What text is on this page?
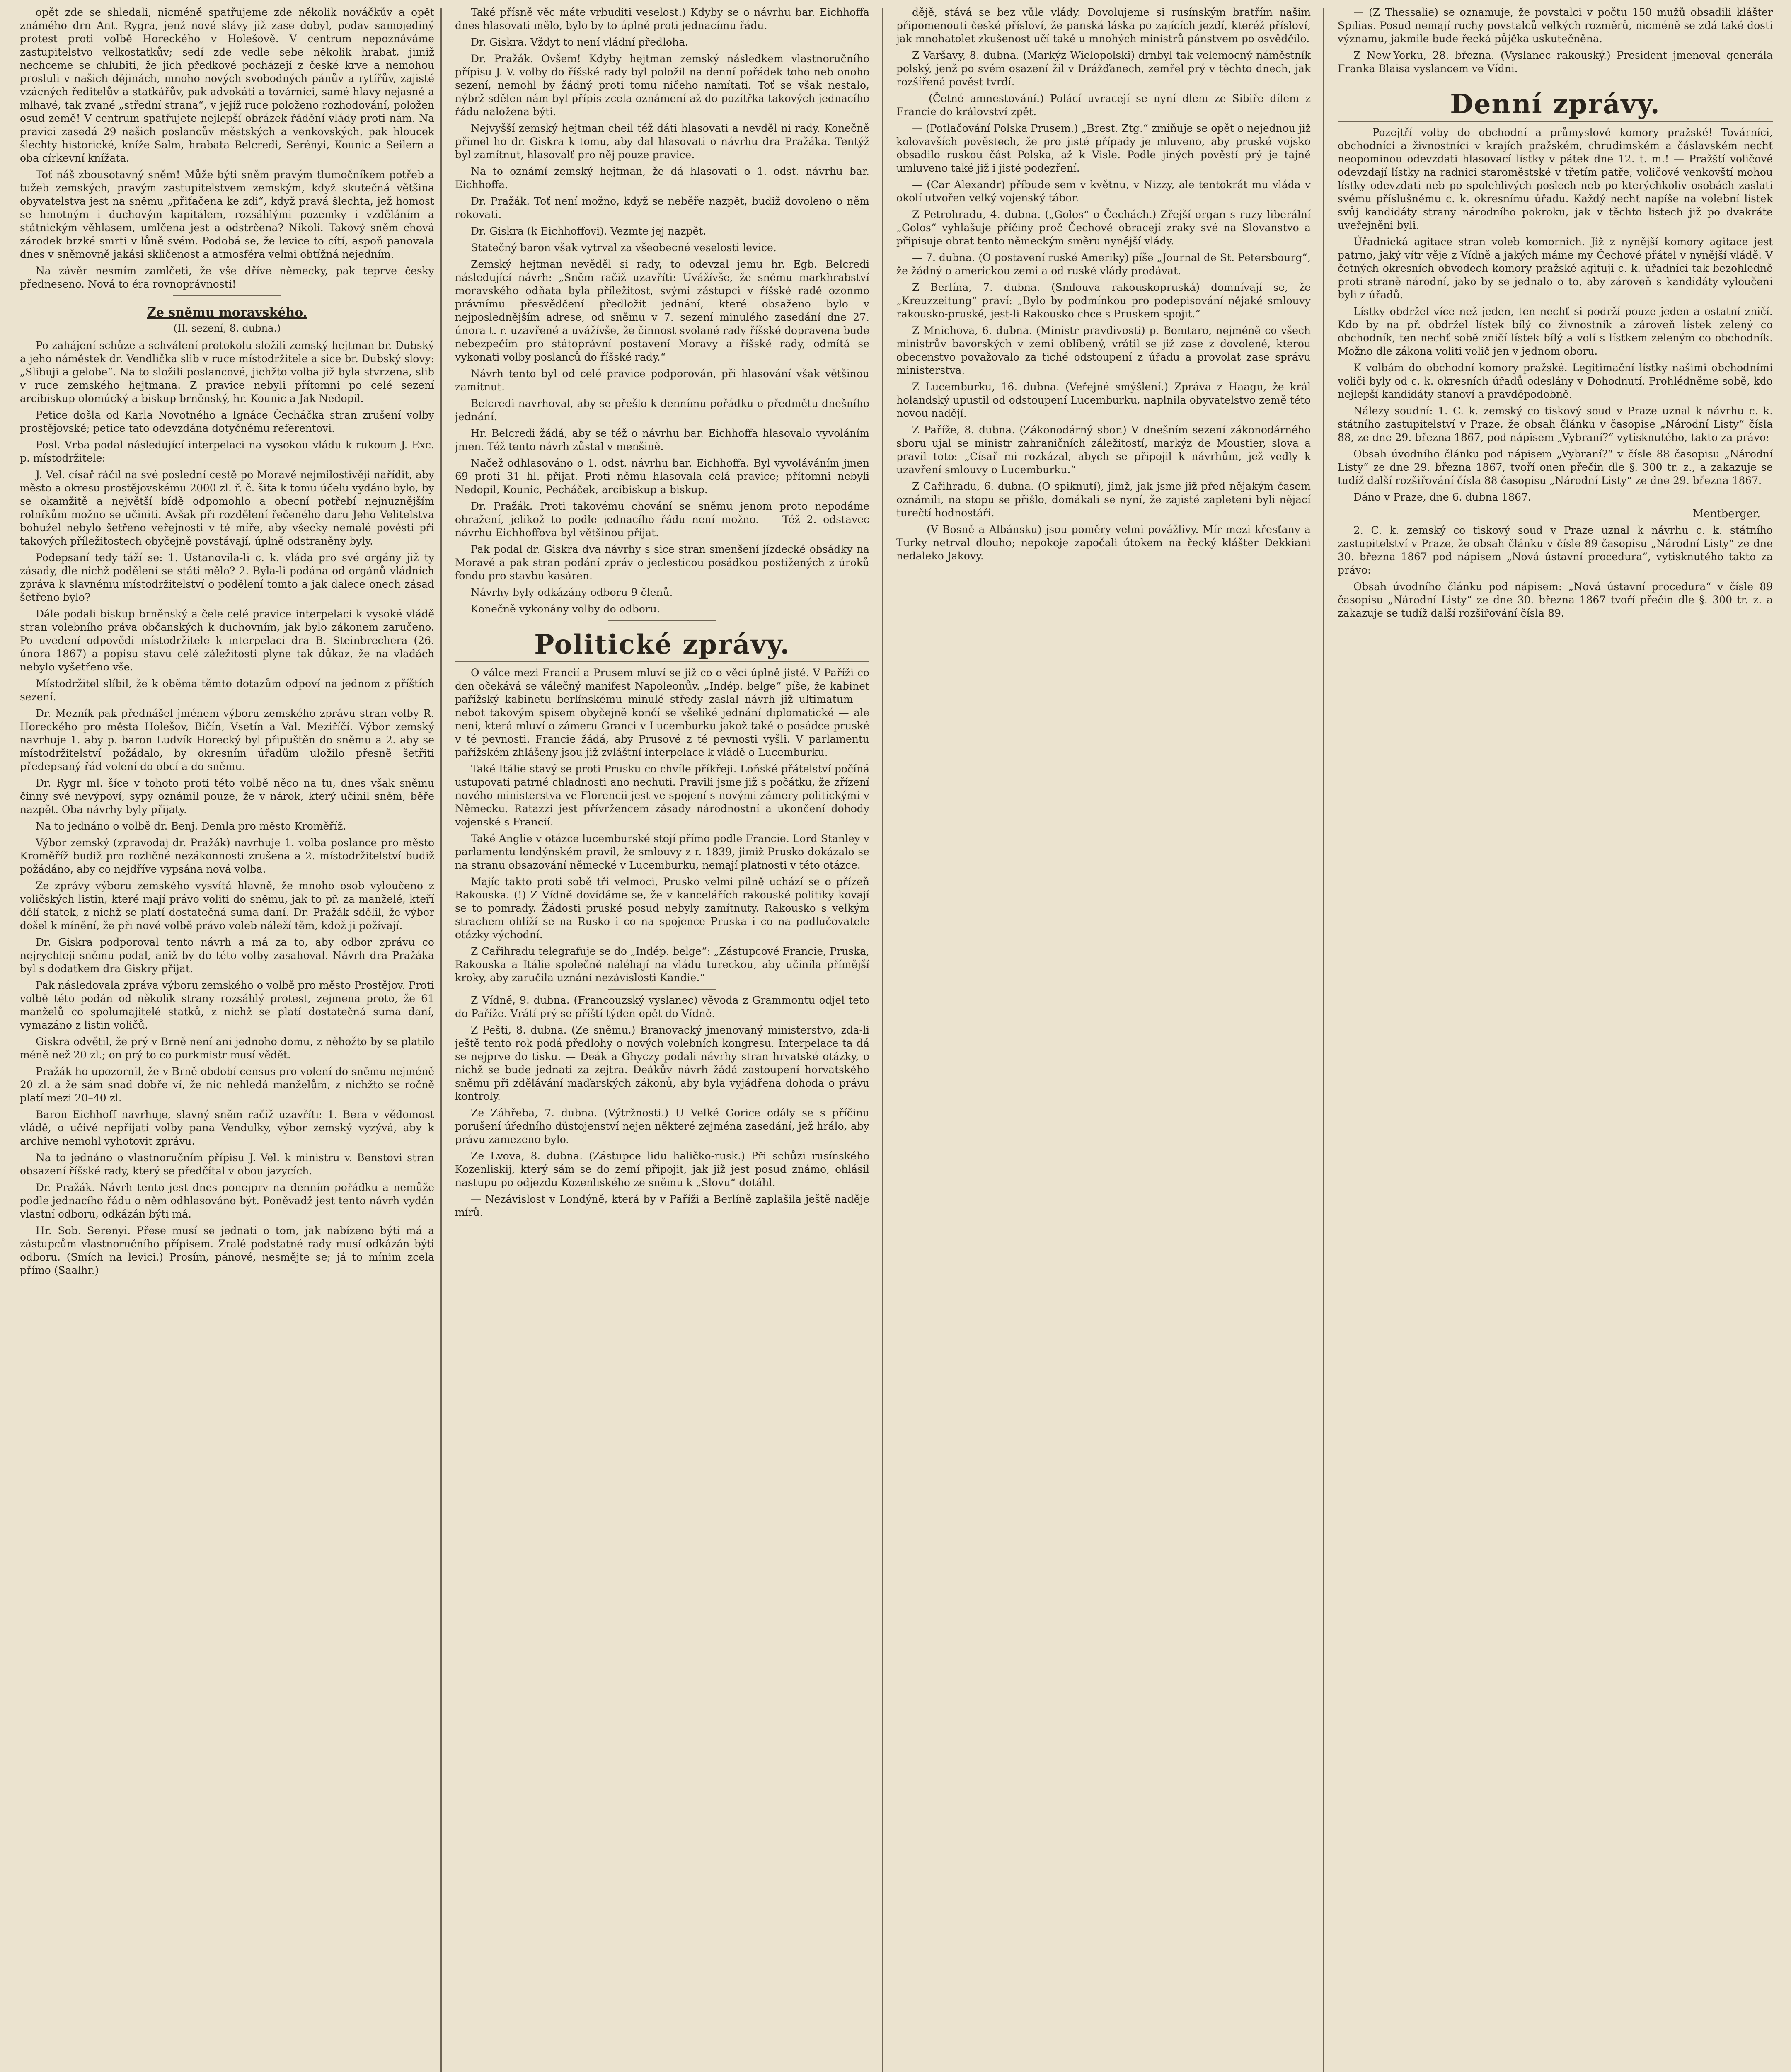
opět zde se shledali, nicméně spatřujeme zde několik nováčkův a opět známého drn Ant. Rygra, jenž nové slávy již zase dobyl, podav samojediný protest proti volbě Horeckého v Holešově. V centrum nepoznáváme zastupitelstvo velkostatkův; sedí zde vedle sebe několik hrabat, jimiž nechceme se chlubiti, že jich předkové pocházejí z české krve a nemohou prosluli v našich dějinách, mnoho nových svobodných pánův a rytířův, zajisté vzácných ředitelův a statkářův, pak advokáti a továrníci, samé hlavy nejasné a mlhavé, tak zvané „střední strana“, v jejíž ruce položeno rozhodování, položen osud země! V centrum spatřujete nejlepší obrázek řádění vlády proti nám. Na pravici zasedá 29 našich poslancův městských a venkovských, pak hloucek šlechty historické, kníže Salm, hrabata Belcredi, Serényi, Kounic a Seilern a oba církevní knížata.

Toť náš zbousotavný sněm! Může býti sněm pravým tlumočníkem potřeb a tužeb zemských, pravým zastupitelstvem zemským, když skutečná většina obyvatelstva jest na sněmu „přiťačena ke zdi“, když pravá šlechta, jež homost se hmotným i duchovým kapitálem, rozsáhlými pozemky i vzděláním a státnickým věhlasem, umlčena jest a odstrčena? Nikoli. Takový sněm chová zárodek brzké smrti v lůně svém. Podobá se, že levice to cítí, aspoň panovala dnes v sněmovně jakási skličenost a atmosféra velmi obtížná nejedním.

Na závěr nesmím zamlčeti, že vše dříve německy, pak teprve česky předneseno. Nová to éra rovnoprávnosti!

Ze sněmu moravského.
(II. sezení, 8. dubna.)

Po zahájení schůze a schválení protokolu složili zemský hejtman br. Dubský a jeho náměstek dr. Vendlička slib v ruce místodržitele a sice br. Dubský slovy: „Slibuji a gelobe“. Na to složili poslancové, jichžto volba již byla stvrzena, slib v ruce zemského hejtmana. Z pravice nebyli přítomni po celé sezení arcibiskup olomúcký a biskup brněnský, hr. Kounic a Jak Nedopil.

Petice došla od Karla Novotného a Ignáce Čecháčka stran zrušení volby prostějovské; petice tato odevzdána dotyčnému referentovi.

Posl. Vrba podal následující interpelaci na vysokou vládu k rukoum J. Exc. p. místodržitele:

J. Vel. císař ráčil na své poslední cestě po Moravě nejmilostivěji nařídit, aby město a okresu prostějovskému 2000 zl. ř. č. šita k tomu účelu vydáno bylo, by se okamžitě a největší bídě odpomohlo a obecní potřebí nejnuznějším rolníkům možno se učiniti. Avšak při rozdělení řečeného daru Jeho Velitelstva bohužel nebylo šetřeno veřejnosti v té míře, aby všecky nemalé povésti při takových příležitostech obyčejně povstávají, úplně odstraněny byly.

Podepsaní tedy táží se: 1. Ustanovila-li c. k. vláda pro své orgány již ty zásady, dle nichž podělení se státi mělo? 2. Byla-li podána od orgánů vládních zpráva k slavnému místodržitelství o podělení tomto a jak dalece onech zásad šetřeno bylo?

Dále podali biskup brněnský a čele celé pravice interpelaci k vysoké vládě stran volebního práva občanských k duchovním, jak bylo zákonem zaručeno. Po uvedení odpovědi místodržitele k interpelaci dra B. Steinbrechera (26. února 1867) a popisu stavu celé záležitosti plyne tak důkaz, že na vladách nebylo vyšetřeno vše.

Místodržitel slíbil, že k oběma těmto dotazům odpoví na jednom z příštích sezení.

Dr. Mezník pak přednášel jménem výboru zemského zprávu stran volby R. Horeckého pro města Holešov, Bičín, Vsetín a Val. Meziříčí. Výbor zemský navrhuje 1. aby p. baron Ludvík Horecký byl připuštěn do sněmu a 2. aby se místodržitelství požádalo, by okresním úřadům uložilo přesně šetřiti předepsaný řád volení do obcí a do sněmu.

Dr. Rygr ml. šíce v tohoto proti této volbě něco na tu, dnes však sněmu činny své nevýpoví, sypy oznámil pouze, že v nárok, který učinil sněm, běře nazpět. Oba návrhy byly přijaty.

Na to jednáno o volbě dr. Benj. Demla pro město Kroměříž.

Výbor zemský (zpravodaj dr. Pražák) navrhuje 1. volba poslance pro město Kroměříž budiž pro rozličné nezákonnosti zrušena a 2. místodržitelství budiž požádáno, aby co nejdříve vypsána nová volba.

Ze zprávy výboru zemského vysvítá hlavně, že mnoho osob vyloučeno z voličských listin, které mají právo voliti do sněmu, jak to př. za manželé, kteří dělí statek, z nichž se platí dostatečná suma daní. Dr. Pražák sdělil, že výbor došel k mínění, že při nové volbě právo voleb náleží těm, kdož ji požívají.

Dr. Giskra podporoval tento návrh a má za to, aby odbor zprávu co nejrychleji sněmu podal, aniž by do této volby zasahoval. Návrh dra Pražáka byl s dodatkem dra Giskry přijat.

Pak následovala zpráva výboru zemského o volbě pro město Prostějov. Proti volbě této podán od několik strany rozsáhlý protest, zejmena proto, že 61 manželů co spolumajitelé statků, z nichž se platí dostatečná suma daní, vymazáno z listin voličů.

Giskra odvětil, že prý v Brně není ani jednoho domu, z něhožto by se platilo méně než 20 zl.; on prý to co purkmistr musí vědět.

Pražák ho upozornil, že v Brně období census pro volení do sněmu nejméně 20 zl. a že sám snad dobře ví, že nic nehledá manželům, z nichžto se ročně platí mezi 20–40 zl.

Baron Eichhoff navrhuje, slavný sněm račiž uzavříti: 1. Bera v vědomost vládě, o učivé nepřijatí volby pana Vendulky, výbor zemský vyzývá, aby k archive nemohl vyhotovit zprávu.

Na to jednáno o vlastnoručním přípisu J. Vel. k ministru v. Benstovi stran obsazení říšské rady, který se předčítal v obou jazycích.

Dr. Pražák. Návrh tento jest dnes ponejprv na denním pořádku a nemůže podle jednacího řádu o něm odhlasováno být. Poněvadž jest tento návrh vydán vlastní odboru, odkázán býti má.

Hr. Sob. Serenyi. Přese musí se jednati o tom, jak nabízeno býti má a zástupcům vlastnoručního přípisem. Zralé podstatné rady musí odkázán býti odboru. (Smích na levici.) Prosím, pánové, nesmějte se; já to mínim zcela přímo (Saalhr.)

Také přísně věc máte vrbuditi veselost.) Kdyby se o návrhu bar. Eichhoffa dnes hlasovati mělo, bylo by to úplně proti jednacímu řádu.

Dr. Giskra. Vždyt to není vládní předloha.

Dr. Pražák. Ovšem! Kdyby hejtman zemský následkem vlastnoručního přípisu J. V. volby do říšské rady byl položil na denní pořádek toho neb onoho sezení, nemohl by žádný proti tomu ničeho namítati. Toť se však nestalo, nýbrž sdělen nám byl přípis zcela oznámení až do pozítřka takových jednacího řádu naložena býti.

Nejvyšší zemský hejtman cheil též dáti hlasovati a nevděl ni rady. Konečně přimel ho dr. Giskra k tomu, aby dal hlasovati o návrhu dra Pražáka. Tentýž byl zamítnut, hlasovalť pro něj pouze pravice.

Na to oznámí zemský hejtman, že dá hlasovati o 1. odst. návrhu bar. Eichhoffa.

Dr. Pražák. Toť není možno, když se neběře nazpět, budiž dovoleno o něm rokovati.

Dr. Giskra (k Eichhoffovi). Vezmte jej nazpět.

Statečný baron však vytrval za všeobecné veselosti levice.

Zemský hejtman nevěděl si rady, to odevzal jemu hr. Egb. Belcredi následující návrh: „Sněm račiž uzavříti: Uvážívše, že sněmu markhrabství moravského odňata byla příležitost, svými zástupci v říšské radě ozonmo právnímu přesvědčení předložit jednání, které obsaženo bylo v nejposlednějším adrese, od sněmu v 7. sezení minulého zasedání dne 27. února t. r. uzavřené a uvážívše, že činnost svolané rady říšské dopravena bude nebezpečím pro státoprávní postavení Moravy a říšské rady, odmítá se vykonati volby poslanců do říšské rady.“

Návrh tento byl od celé pravice podporován, při hlasování však většinou zamítnut.

Belcredi navrhoval, aby se přešlo k dennímu pořádku o předmětu dnešního jednání.

Hr. Belcredi žádá, aby se též o návrhu bar. Eichhoffa hlasovalo vyvoláním jmen. Též tento návrh zůstal v menšině.

Načež odhlasováno o 1. odst. návrhu bar. Eichhoffa. Byl vyvoláváním jmen 69 proti 31 hl. přijat. Proti němu hlasovala celá pravice; přítomni nebyli Nedopil, Kounic, Pecháček, arcibiskup a biskup.

Dr. Pražák. Proti takovému chování se sněmu jenom proto nepodáme ohražení, jelikož to podle jednacího řádu není možno. — Též 2. odstavec návrhu Eichhoffova byl většinou přijat.

Pak podal dr. Giskra dva návrhy s sice stran smenšení jízdecké obsádky na Moravě a pak stran podání zpráv o jeclesticou posádkou postižených z úroků fondu pro stavbu kasáren.

Návrhy byly odkázány odboru 9 členů.

Konečně vykonány volby do odboru.

Politické zprávy.

O válce mezi Francií a Prusem mluví se již co o věci úplně jisté. V Paříži co den očekává se válečný manifest Napoleonův. „Indép. belge“ píše, že kabinet pařížský kabinetu berlínskému minulé středy zaslal návrh již ultimatum — nebot takovým spisem obyčejně končí se všeliké jednání diplomatické — ale není, která mluví o zámeru Granci v Lucemburku jakož také o posádce pruské v té pevnosti. Francie žádá, aby Prusové z té pevnosti vyšli. V parlamentu pařížském zhlášeny jsou již zvláštní interpelace k vládě o Lucemburku.

Také Itálie stavý se proti Prusku co chvíle příkřeji. Loňské přátelství počíná ustupovati patrné chladnosti ano nechuti. Pravili jsme již s počátku, že zřízení nového ministerstva ve Florencii jest ve spojení s novými zámery politickými v Německu. Ratazzi jest přívržencem zásady národnostní a ukončení dohody vojenské s Francií.

Také Anglie v otázce lucemburské stojí přímo podle Francie. Lord Stanley v parlamentu londýnském pravil, že smlouvy z r. 1839, jimiž Prusko dokázalo se na stranu obsazování německé v Lucemburku, nemají platnosti v této otázce.

Majíc takto proti sobě tři velmoci, Prusko velmi pilně uchází se o přízeň Rakouska. (!) Z Vídně dovídáme se, že v kancelářích rakouské politiky kovají se to pomrady. Žádosti pruské posud nebyly zamítnuty. Rakousko s velkým strachem ohlíží se na Rusko i co na spojence Pruska i co na podlučovatele otázky východní.

Z Cařihradu telegrafuje se do „Indép. belge“: „Zástupcové Francie, Pruska, Rakouska a Itálie společně naléhají na vládu tureckou, aby učinila přímější kroky, aby zaručila uznání nezávislosti Kandie.“

Z Vídně, 9. dubna. (Francouzský vyslanec) věvoda z Grammontu odjel teto do Paříže. Vrátí prý se příští týden opět do Vídně.

Z Pešti, 8. dubna. (Ze sněmu.) Branovacký jmenovaný ministerstvo, zda-li ještě tento rok podá předlohy o nových volebních kongresu. Interpelace ta dá se nejprve do tisku. — Deák a Ghyczy podali návrhy stran hrvatské otázky, o nichž se bude jednati za zejtra. Deákův návrh žádá zastoupení horvatského sněmu při zdělávání maďarských zákonů, aby byla vyjádřena dohoda o právu kontroly.

Ze Záhřeba, 7. dubna. (Výtržnosti.) U Velké Gorice odály se s příčinu porušení úředního důstojenství nejen některé zejména zasedání, jež hrálo, aby právu zamezeno bylo.

Ze Lvova, 8. dubna. (Zástupce lidu haličko-rusk.) Při schůzi rusínského Kozenliskij, který sám se do zemí připojit, jak již jest posud známo, ohlásil nastupu po odjezdu Kozenliského ze sněmu k „Slovu“ dotáhl.

— Nezávislost v Londýně, která by v Paříži a Berlíně zaplašila ještě naděje mírů.

dějě, stává se bez vůle vlády. Dovolujeme si rusínským bratřím našim připomenouti české přísloví, že panská láska po zajících jezdí, kteréž přísloví, jak mnohatolet zkušenost učí také u mnohých ministrů pánstvem po osvědčilo.

Z Varšavy, 8. dubna. (Markýz Wielopolski) drnbyl tak velemocný náměstník polský, jenž po svém osazení žil v Drážďanech, zemřel prý v těchto dnech, jak rozšířená pověst tvrdí.

— (Četné amnestování.) Polácí uvracejí se nyní dlem ze Sibiře dílem z Francie do království zpět.

— (Potlačování Polska Prusem.) „Brest. Ztg.“ zmiňuje se opět o nejednou již kolovavších pověstech, že pro jisté případy je mluveno, aby pruské vojsko obsadilo ruskou část Polska, až k Visle. Podle jiných pověstí prý je tajně umluveno také již i jisté podezření.

— (Car Alexandr) příbude sem v květnu, v Nizzy, ale tentokrát mu vláda v okolí utvořen velký vojenský tábor.

Z Petrohradu, 4. dubna. („Golos“ o Čechách.) Zřejší organ s ruzy liberální „Golos“ vyhlašuje příčiny proč Čechové obracejí zraky své na Slovanstvo a připisuje obrat tento německým směru nynější vlády.

— 7. dubna. (O postavení ruské Ameriky) píše „Journal de St. Petersbourg“, že žádný o americkou zemi a od ruské vlády prodávat.

Z Berlína, 7. dubna. (Smlouva rakouskopruská) domnívají se, že „Kreuzzeitung“ praví: „Bylo by podmínkou pro podepisování nějaké smlouvy rakousko-pruské, jest-li Rakousko chce s Pruskem spojit.“

Z Mnichova, 6. dubna. (Ministr pravdivosti) p. Bomtaro, nejméně co všech ministrův bavorských v zemi oblíbený, vrátil se již zase z dovolené, kterou obecenstvo považovalo za tiché odstoupení z úřadu a provolat zase správu ministerstva.

Z Lucemburku, 16. dubna. (Veřejné smýšlení.) Zpráva z Haagu, že král holandský upustil od odstoupení Lucemburku, naplnila obyvatelstvo země této novou nadějí.

Z Paříže, 8. dubna. (Zákonodárný sbor.) V dnešním sezení zákonodárného sboru ujal se ministr zahraničních záležitostí, markýz de Moustier, slova a pravil toto: „Císař mi rozkázal, abych se připojil k návrhům, jež vedly k uzavření smlouvy o Lucemburku.“

Z Cařihradu, 6. dubna. (O spiknutí), jimž, jak jsme již před nějakým časem oznámili, na stopu se přišlo, domákali se nyní, že zajisté zapleteni byli nějací turečtí hodnostáři.

— (V Bosně a Albánsku) jsou poměry velmi povážlivy. Mír mezi křesťany a Turky netrval dlouho; nepokoje započali útokem na řecký klášter Dekkiani nedaleko Jakovy.

— (Z Thessalie) se oznamuje, že povstalci v počtu 150 mužů obsadili klášter Spilias. Posud nemají ruchy povstalců velkých rozměrů, nicméně se zdá také dosti významu, jakmile bude řecká půjčka uskutečněna.

Z New-Yorku, 28. března. (Vyslanec rakouský.) President jmenoval generála Franka Blaisa vyslancem ve Vídni.

Denní zprávy.

— Pozejtří volby do obchodní a průmyslové komory pražské! Továrníci, obchodníci a živnostníci v krajích pražském, chrudimském a čáslavském nechť neopominou odevzdati hlasovací lístky v pátek dne 12. t. m.! — Pražští voličové odevzdají lístky na radnici staroměstské v třetím patře; voličové venkovští mohou lístky odevzdati neb po spolehlivých poslech neb po kterýchkoliv osobách zaslati svému příslušnému c. k. okresnímu úřadu. Každý nechť napíše na volební lístek svůj kandidáty strany národního pokroku, jak v těchto listech již po dvakráte uveřejněni byli.

Úřadnická agitace stran voleb komornich. Již z nynější komory agitace jest patrno, jaký vítr věje z Vídně a jakých máme my Čechové přátel v nynější vládě. V četných okresních obvodech komory pražské agituji c. k. úřadníci tak bezohledně proti straně národní, jako by se jednalo o to, aby zároveň s kandidáty vyloučeni byli z úřadů.

Lístky obdržel více než jeden, ten nechť si podrží pouze jeden a ostatní zničí. Kdo by na př. obdržel lístek bílý co živnostník a zároveň lístek zelený co obchodník, ten nechť sobě zničí lístek bílý a volí s lístkem zeleným co obchodník. Možno dle zákona voliti volič jen v jednom oboru.

K volbám do obchodní komory pražské. Legitimační lístky našimi obchodními voliči byly od c. k. okresních úřadů odeslány v Dohodnutí. Prohlédněme sobě, kdo nejlepší kandidáty stanoví a pravděpodobně.

Nálezy soudní: 1. C. k. zemský co tiskový soud v Praze uznal k návrhu c. k. státního zastupitelství v Praze, že obsah článku v časopise „Národní Listy“ čísla 88, ze dne 29. března 1867, pod nápisem „Vybraní?“ vytisknutého, takto za právo:

Obsah úvodního článku pod nápisem „Vybraní?“ v čísle 88 časopisu „Národní Listy“ ze dne 29. března 1867, tvoří onen přečin dle §. 300 tr. z., a zakazuje se tudíž další rozšiřování čísla 88 časopisu „Národní Listy“ ze dne 29. března 1867.

Dáno v Praze, dne 6. dubna 1867.

Mentberger.

2. C. k. zemský co tiskový soud v Praze uznal k návrhu c. k. státního zastupitelství v Praze, že obsah článku v čísle 89 časopisu „Národní Listy“ ze dne 30. března 1867 pod nápisem „Nová ústavní procedura“, vytisknutého takto za právo:

Obsah úvodního článku pod nápisem: „Nová ústavní procedura“ v čísle 89 časopisu „Národní Listy“ ze dne 30. března 1867 tvoří přečin dle §. 300 tr. z. a zakazuje se tudíž další rozšiřování čísla 89.
